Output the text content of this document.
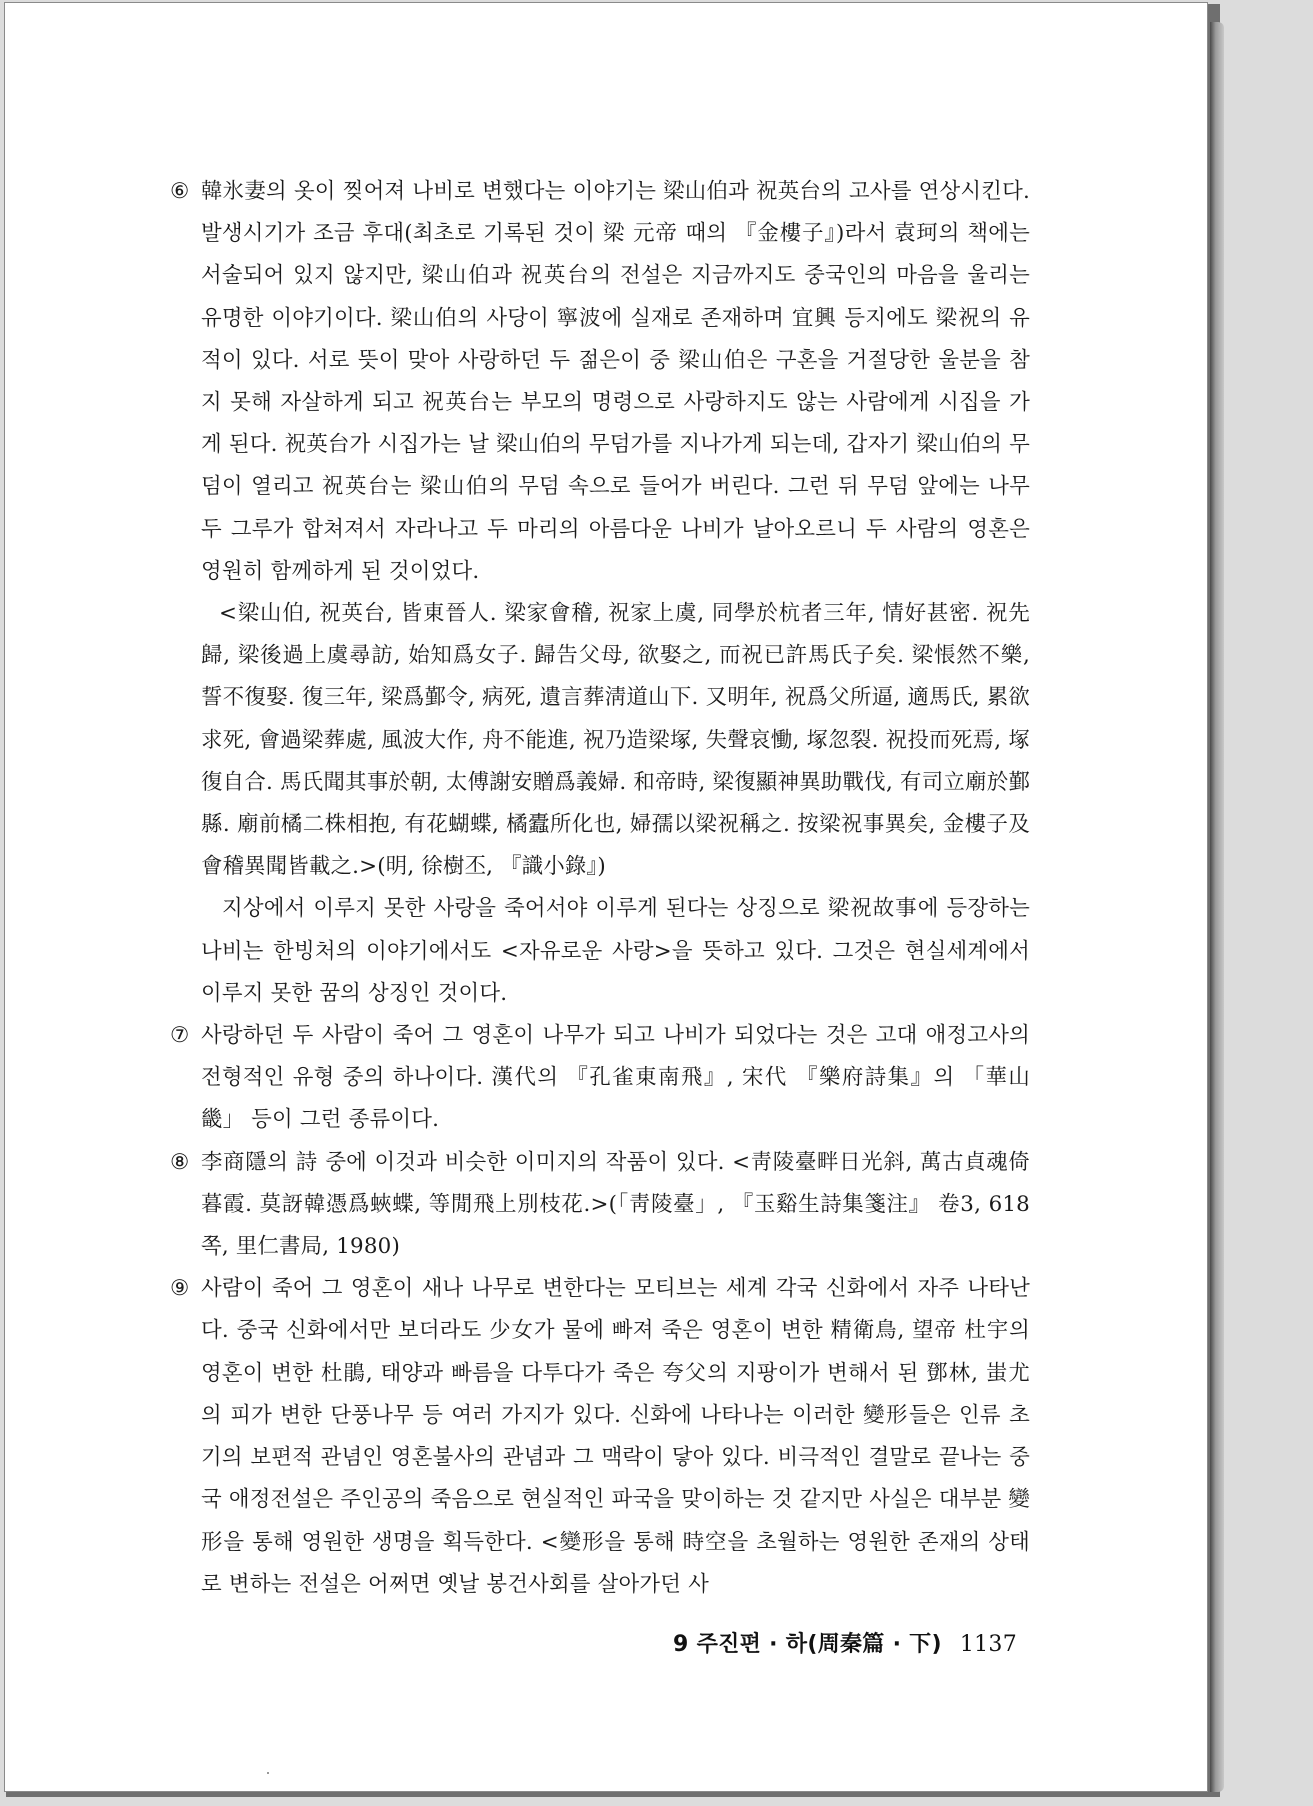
⑥ 韓氷妻의 옷이 찢어져 나비로 변했다는 이야기는 梁山伯과 祝英台의 고사를 연상시킨다. 발생시기가 조금 후대(최초로 기록된 것이 梁 元帝 때의 『金樓子』)라서 袁珂의 책에는 서술되어 있지 않지만, 梁山伯과 祝英台의 전설은 지금까지도 중국인의 마음을 울리는 유명한 이야기이다. 梁山伯의 사당이 寧波에 실재로 존재하며 宜興 등지에도 梁祝의 유적이 있다. 서로 뜻이 맞아 사랑하던 두 젊은이 중 梁山伯은 구혼을 거절당한 울분을 참지 못해 자살하게 되고 祝英台는 부모의 명령으로 사랑하지도 않는 사람에게 시집을 가게 된다. 祝英台가 시집가는 날 梁山伯의 무덤가를 지나가게 되는데, 갑자기 梁山伯의 무덤이 열리고 祝英台는 梁山伯의 무덤 속으로 들어가 버린다. 그런 뒤 무덤 앞에는 나무 두 그루가 합쳐져서 자라나고 두 마리의 아름다운 나비가 날아오르니 두 사람의 영혼은 영원히 함께하게 된 것이었다.
<梁山伯, 祝英台, 皆東晉人. 梁家會稽, 祝家上虞, 同學於杭者三年, 情好甚密. 祝先歸, 梁後過上虞尋訪, 始知爲女子. 歸告父母, 欲娶之, 而祝已許馬氏子矣. 梁悵然不樂, 誓不復娶. 復三年, 梁爲鄞令, 病死, 遺言葬淸道山下. 又明年, 祝爲父所逼, 適馬氏, 累欲求死, 會過梁葬處, 風波大作, 舟不能進, 祝乃造梁塚, 失聲哀慟, 塚忽裂. 祝投而死焉, 塚復自合. 馬氏聞其事於朝, 太傅謝安贈爲義婦. 和帝時, 梁復顯神異助戰伐, 有司立廟於鄞縣. 廟前橘二株相抱, 有花蝴蝶, 橘蠹所化也, 婦孺以梁祝稱之. 按梁祝事異矣, 金樓子及會稽異聞皆載之.>(明, 徐樹丕, 『識小錄』)
지상에서 이루지 못한 사랑을 죽어서야 이루게 된다는 상징으로 梁祝故事에 등장하는 나비는 한빙처의 이야기에서도 <자유로운 사랑>을 뜻하고 있다. 그것은 현실세계에서 이루지 못한 꿈의 상징인 것이다.
⑦ 사랑하던 두 사람이 죽어 그 영혼이 나무가 되고 나비가 되었다는 것은 고대 애정고사의 전형적인 유형 중의 하나이다. 漢代의 『孔雀東南飛』, 宋代 『樂府詩集』의 「華山畿」 등이 그런 종류이다.
⑧ 李商隱의 詩 중에 이것과 비슷한 이미지의 작품이 있다. <靑陵臺畔日光斜, 萬古貞魂倚暮霞. 莫訝韓憑爲蛺蝶, 等閒飛上別枝花.>(「靑陵臺」, 『玉谿生詩集箋注』 卷3, 618쪽, 里仁書局, 1980)
⑨ 사람이 죽어 그 영혼이 새나 나무로 변한다는 모티브는 세계 각국 신화에서 자주 나타난다. 중국 신화에서만 보더라도 少女가 물에 빠져 죽은 영혼이 변한 精衛鳥, 望帝 杜宇의 영혼이 변한 杜鵑, 태양과 빠름을 다투다가 죽은 夸父의 지팡이가 변해서 된 鄧林, 蚩尤의 피가 변한 단풍나무 등 여러 가지가 있다. 신화에 나타나는 이러한 變形들은 인류 초기의 보편적 관념인 영혼불사의 관념과 그 맥락이 닿아 있다. 비극적인 결말로 끝나는 중국 애정전설은 주인공의 죽음으로 현실적인 파국을 맞이하는 것 같지만 사실은 대부분 變形을 통해 영원한 생명을 획득한다. <變形을 통해 時空을 초월하는 영원한 존재의 상태로 변하는 전설은 어쩌면 옛날 봉건사회를 살아가던 사
9 주진편 · 하(周秦篇 · 下) 1137
